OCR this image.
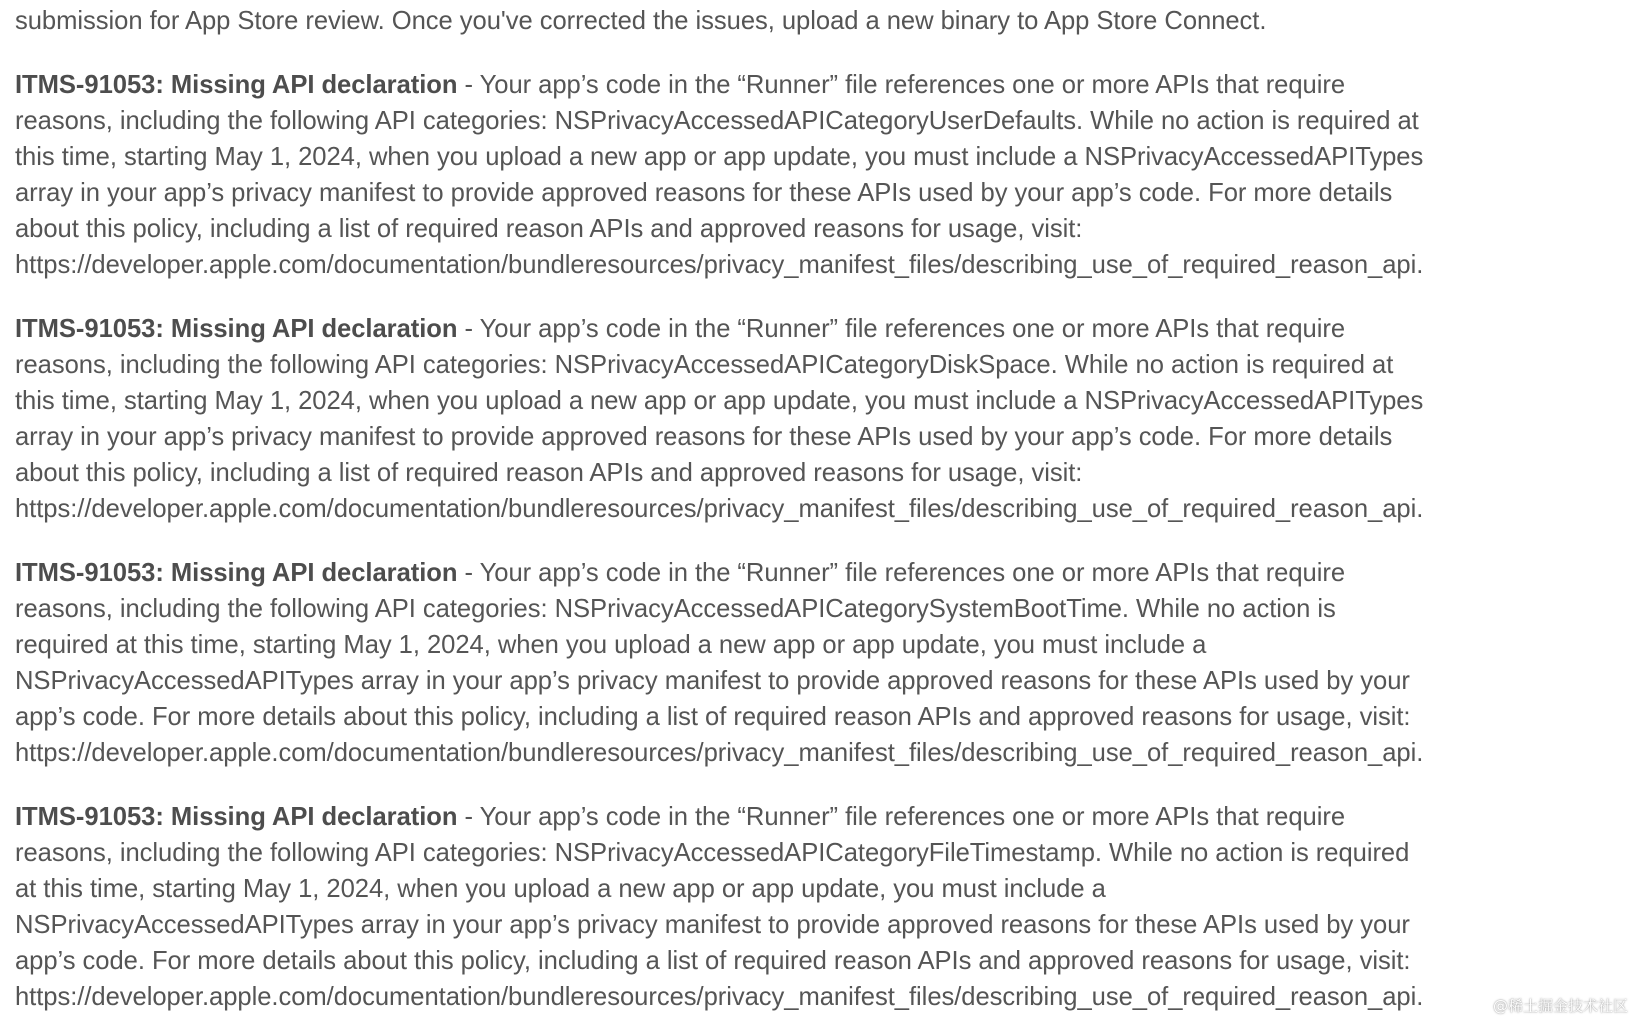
submission for App Store review. Once you've corrected the issues, upload a new binary to App Store Connect.
ITMS-91053: Missing API declaration - Your app’s code in the “Runner” file references one or more APIs that require
reasons, including the following API categories: NSPrivacyAccessedAPICategoryUserDefaults. While no action is required at
this time, starting May 1, 2024, when you upload a new app or app update, you must include a NSPrivacyAccessedAPITypes
array in your app’s privacy manifest to provide approved reasons for these APIs used by your app’s code. For more details
about this policy, including a list of required reason APIs and approved reasons for usage, visit:
https://developer.apple.com/documentation/bundleresources/privacy_manifest_files/describing_use_of_required_reason_api.
ITMS-91053: Missing API declaration - Your app’s code in the “Runner” file references one or more APIs that require
reasons, including the following API categories: NSPrivacyAccessedAPICategoryDiskSpace. While no action is required at
this time, starting May 1, 2024, when you upload a new app or app update, you must include a NSPrivacyAccessedAPITypes
array in your app’s privacy manifest to provide approved reasons for these APIs used by your app’s code. For more details
about this policy, including a list of required reason APIs and approved reasons for usage, visit:
https://developer.apple.com/documentation/bundleresources/privacy_manifest_files/describing_use_of_required_reason_api.
ITMS-91053: Missing API declaration - Your app’s code in the “Runner” file references one or more APIs that require
reasons, including the following API categories: NSPrivacyAccessedAPICategorySystemBootTime. While no action is
required at this time, starting May 1, 2024, when you upload a new app or app update, you must include a
NSPrivacyAccessedAPITypes array in your app’s privacy manifest to provide approved reasons for these APIs used by your
app’s code. For more details about this policy, including a list of required reason APIs and approved reasons for usage, visit:
https://developer.apple.com/documentation/bundleresources/privacy_manifest_files/describing_use_of_required_reason_api.
ITMS-91053: Missing API declaration - Your app’s code in the “Runner” file references one or more APIs that require
reasons, including the following API categories: NSPrivacyAccessedAPICategoryFileTimestamp. While no action is required
at this time, starting May 1, 2024, when you upload a new app or app update, you must include a
NSPrivacyAccessedAPITypes array in your app’s privacy manifest to provide approved reasons for these APIs used by your
app’s code. For more details about this policy, including a list of required reason APIs and approved reasons for usage, visit:
https://developer.apple.com/documentation/bundleresources/privacy_manifest_files/describing_use_of_required_reason_api.	@稀土掘金技术社区
